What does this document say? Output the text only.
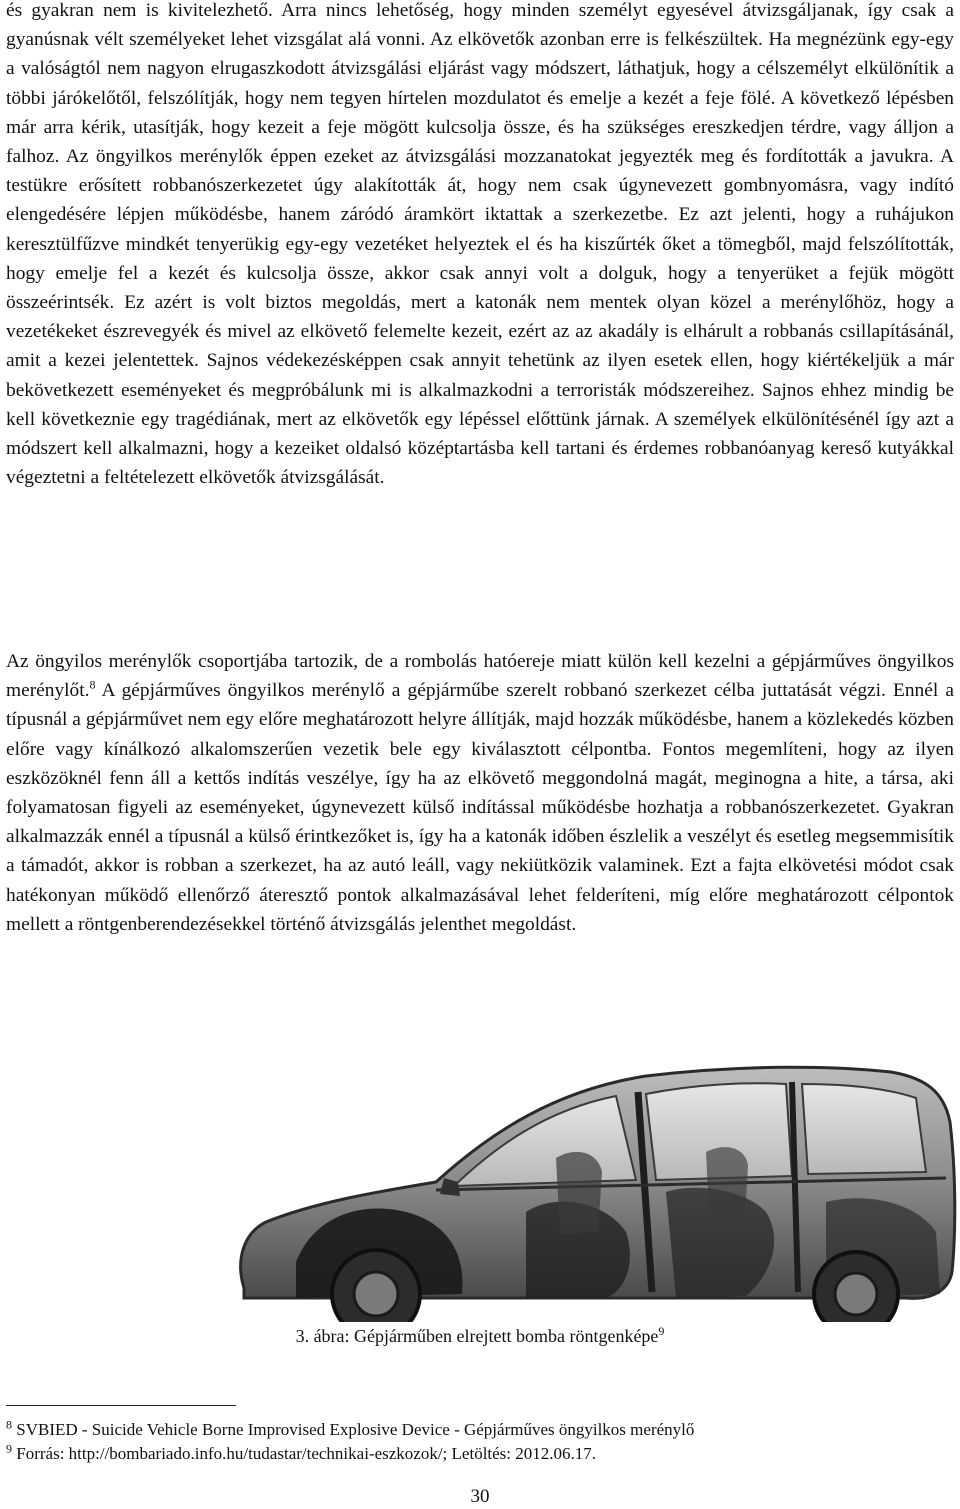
és gyakran nem is kivitelezhető. Arra nincs lehetőség, hogy minden személyt egyesével átvizsgáljanak, így csak a gyanúsnak vélt személyeket lehet vizsgálat alá vonni. Az elkövetők azonban erre is felkészültek. Ha megnézünk egy-egy a valóságtól nem nagyon elrugaszkodott átvizsgálási eljárást vagy módszert, láthatjuk, hogy a célszemélyt elkülönítik a többi járókelőtől, felszólítják, hogy nem tegyen hírtelen mozdulatot és emelje a kezét a feje fölé. A következő lépésben már arra kérik, utasítják, hogy kezeit a feje mögött kulcsolja össze, és ha szükséges ereszkedjen térdre, vagy álljon a falhoz. Az öngyilkos merénylők éppen ezeket az átvizsgálási mozzanatokat jegyezték meg és fordították a javukra. A testükre erősített robbanószerkezetet úgy alakították át, hogy nem csak úgynevezett gombnyomásra, vagy indító elengedésére lépjen működésbe, hanem záródó áramkört iktattak a szerkezetbe. Ez azt jelenti, hogy a ruhájukon keresztülfűzve mindkét tenyerükig egy-egy vezetéket helyeztek el és ha kiszűrték őket a tömegből, majd felszólították, hogy emelje fel a kezét és kulcsolja össze, akkor csak annyi volt a dolguk, hogy a tenyerüket a fejük mögött összeérintsék. Ez azért is volt biztos megoldás, mert a katonák nem mentek olyan közel a merénylőhöz, hogy a vezetékeket észrevegyék és mivel az elkövető felemelte kezeit, ezért az az akadály is elhárult a robbanás csillapításánál, amit a kezei jelentettek. Sajnos védekezésképpen csak annyit tehetünk az ilyen esetek ellen, hogy kiértékeljük a már bekövetkezett eseményeket és megpróbálunk mi is alkalmazkodni a terroristák módszereihez. Sajnos ehhez mindig be kell következnie egy tragédiának, mert az elkövetők egy lépéssel előttünk járnak. A személyek elkülönítésénél így azt a módszert kell alkalmazni, hogy a kezeiket oldalsó középtartásba kell tartani és érdemes robbanóanyag kereső kutyákkal végeztetni a feltételezett elkövetők átvizsgálását.

Az öngyilos merénylők csoportjába tartozik, de a rombolás hatóereje miatt külön kell kezelni a gépjárműves öngyilkos merénylőt.$^8$ A gépjárműves öngyilkos merénylő a gépjárműbe szerelt robbanó szerkezet célba juttatását végzi. Ennél a típusnál a gépjárművet nem egy előre meghatározott helyre állítják, majd hozzák működésbe, hanem a közlekedés közben előre vagy kínálkozó alkalomszerűen vezetik bele egy kiválasztott célpontba. Fontos megemlíteni, hogy az ilyen eszközöknél fenn áll a kettős indítás veszélye, így ha az elkövető meggondolná magát, meginogna a hite, a társa, aki folyamatosan figyeli az eseményeket, úgynevezett külső indítással működésbe hozhatja a robbanószerkezetet. Gyakran alkalmazzák ennél a típusnál a külső érintkezőket is, így ha a katonák időben észlelik a veszélyt és esetleg megsemmisítik a támadót, akkor is robban a szerkezet, ha az autó leáll, vagy nekiütközik valaminek. Ezt a fajta elkövetési módot csak hatékonyan működő ellenőrző áteresztő pontok alkalmazásával lehet felderíteni, míg előre meghatározott célpontok mellett a röntgenberendezésekkel történő átvizsgálás jelenthet megoldást.

3. ábra: Gépjárműben elrejtett bomba röntgenképe$^9$
$^8$ SVBIED - Suicide Vehicle Borne Improvised Explosive Device - Gépjárműves öngyilkos merénylő
$^9$ Forrás: http://bombariado.info.hu/tudastar/technikai-eszkozok/; Letöltés: 2012.06.17.
30
